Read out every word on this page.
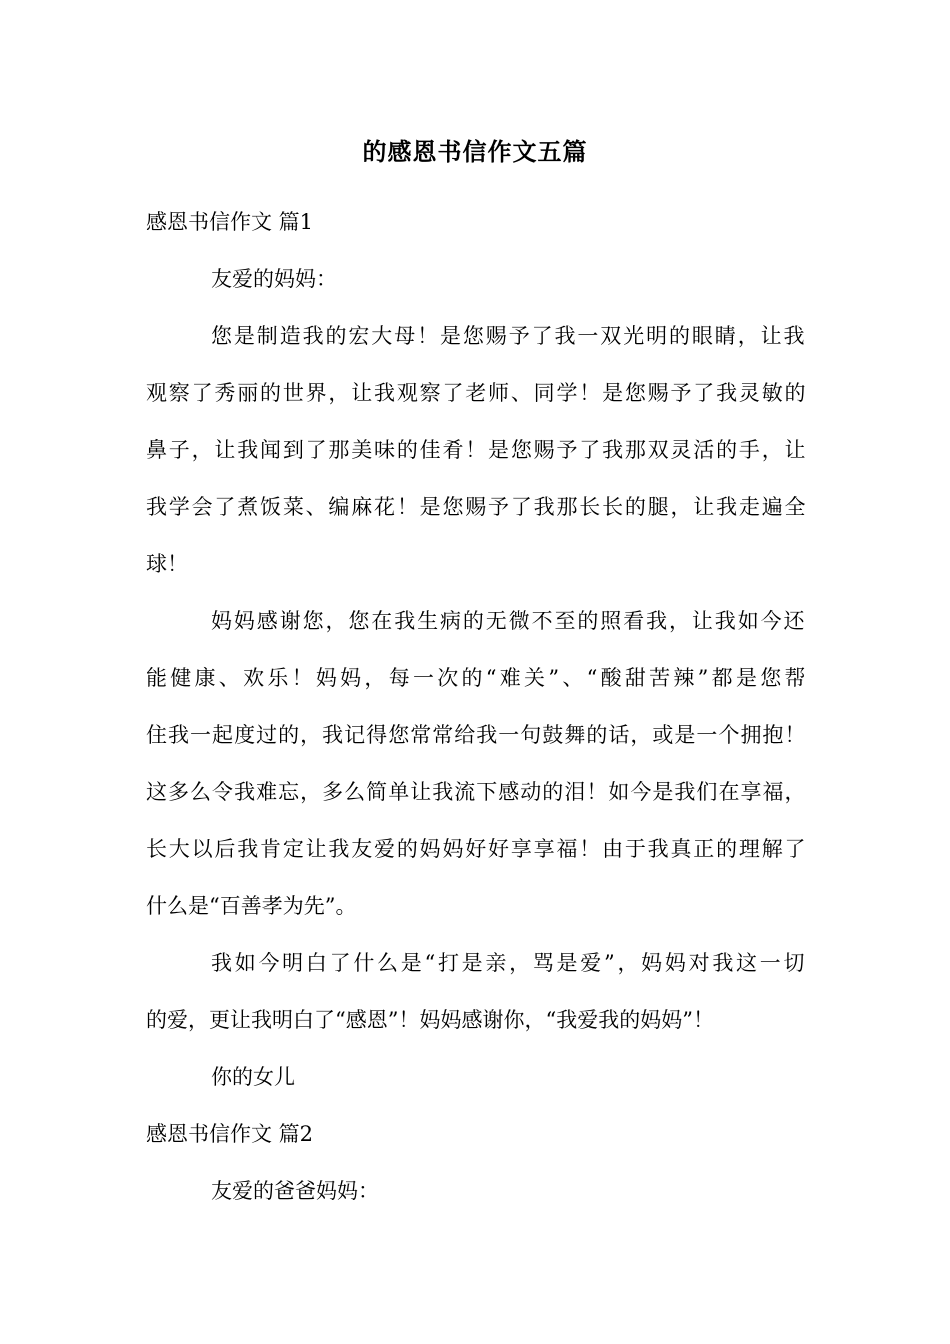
的感恩书信作文五篇

感恩书信作文 篇1

友爱的妈妈：

您是制造我的宏大母！是您赐予了我一双光明的眼睛，让我

观察了秀丽的世界，让我观察了老师、同学！是您赐予了我灵敏的

鼻子，让我闻到了那美味的佳肴！是您赐予了我那双灵活的手，让

我学会了煮饭菜、编麻花！是您赐予了我那长长的腿，让我走遍全

球！

妈妈感谢您，您在我生病的无微不至的照看我，让我如今还

能健康、欢乐！妈妈，每一次的“难关”、“酸甜苦辣”都是您帮

住我一起度过的，我记得您常常给我一句鼓舞的话，或是一个拥抱！

这多么令我难忘，多么简单让我流下感动的泪！如今是我们在享福，

长大以后我肯定让我友爱的妈妈好好享享福！由于我真正的理解了

什么是“百善孝为先”。

我如今明白了什么是“打是亲，骂是爱”，妈妈对我这一切

的爱，更让我明白了“感恩”！妈妈感谢你，“我爱我的妈妈”！

你的女儿

感恩书信作文 篇2

友爱的爸爸妈妈：
